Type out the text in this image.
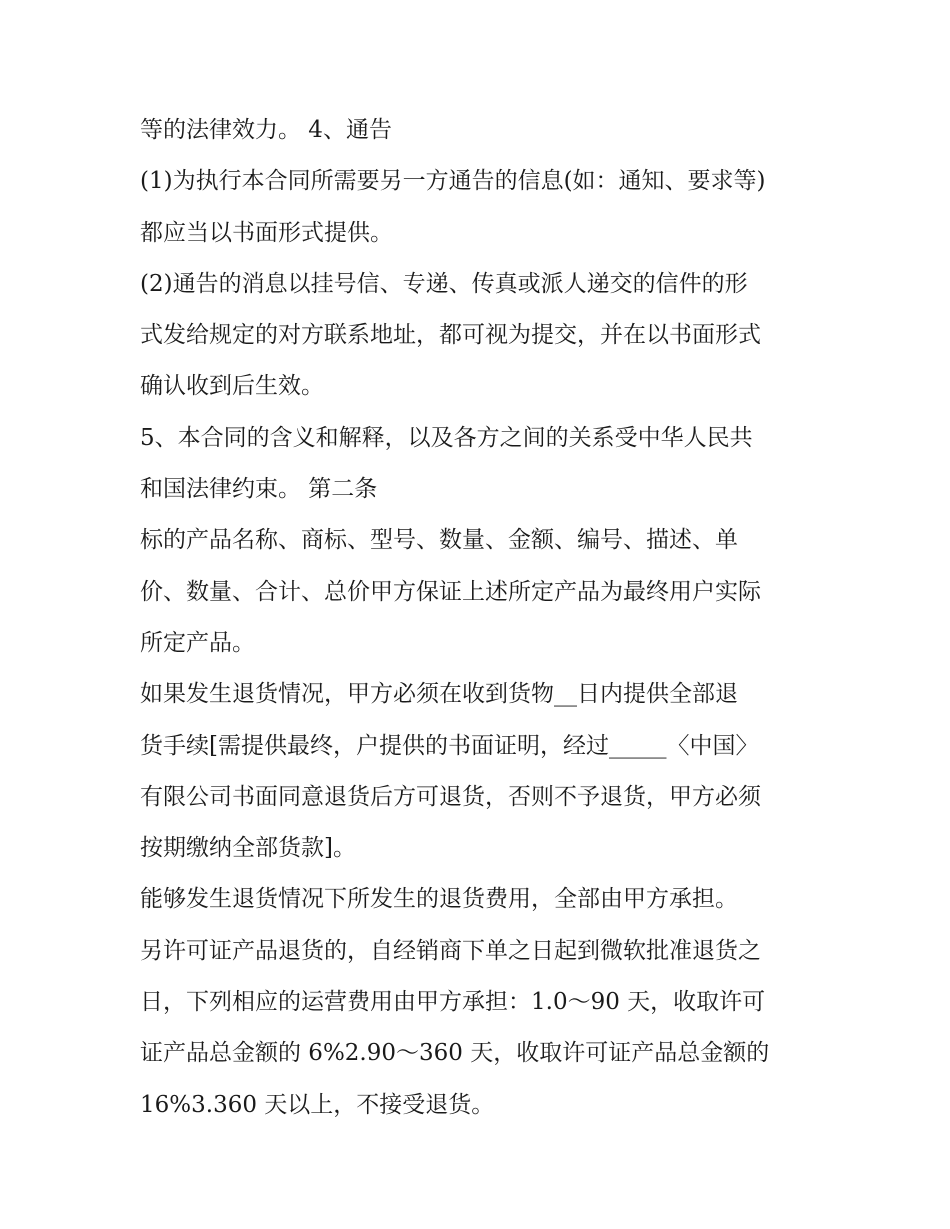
等的法律效力。 4、通告
(1)为执行本合同所需要另一方通告的信息(如：通知、要求等)
都应当以书面形式提供。
(2)通告的消息以挂号信、专递、传真或派人递交的信件的形
式发给规定的对方联系地址，都可视为提交，并在以书面形式
确认收到后生效。
5、本合同的含义和解释，以及各方之间的关系受中华人民共
和国法律约束。 第二条
标的产品名称、商标、型号、数量、金额、编号、描述、单
价、数量、合计、总价甲方保证上述所定产品为最终用户实际
所定产品。
如果发生退货情况，甲方必须在收到货物__日内提供全部退
货手续[需提供最终，户提供的书面证明，经过_____〈中国〉
有限公司书面同意退货后方可退货，否则不予退货，甲方必须
按期缴纳全部货款]。
能够发生退货情况下所发生的退货费用，全部由甲方承担。
另许可证产品退货的，自经销商下单之日起到微软批准退货之
日，下列相应的运营费用由甲方承担：1.0～90 天，收取许可
证产品总金额的 6%2.90～360 天，收取许可证产品总金额的
16%3.360 天以上，不接受退货。
